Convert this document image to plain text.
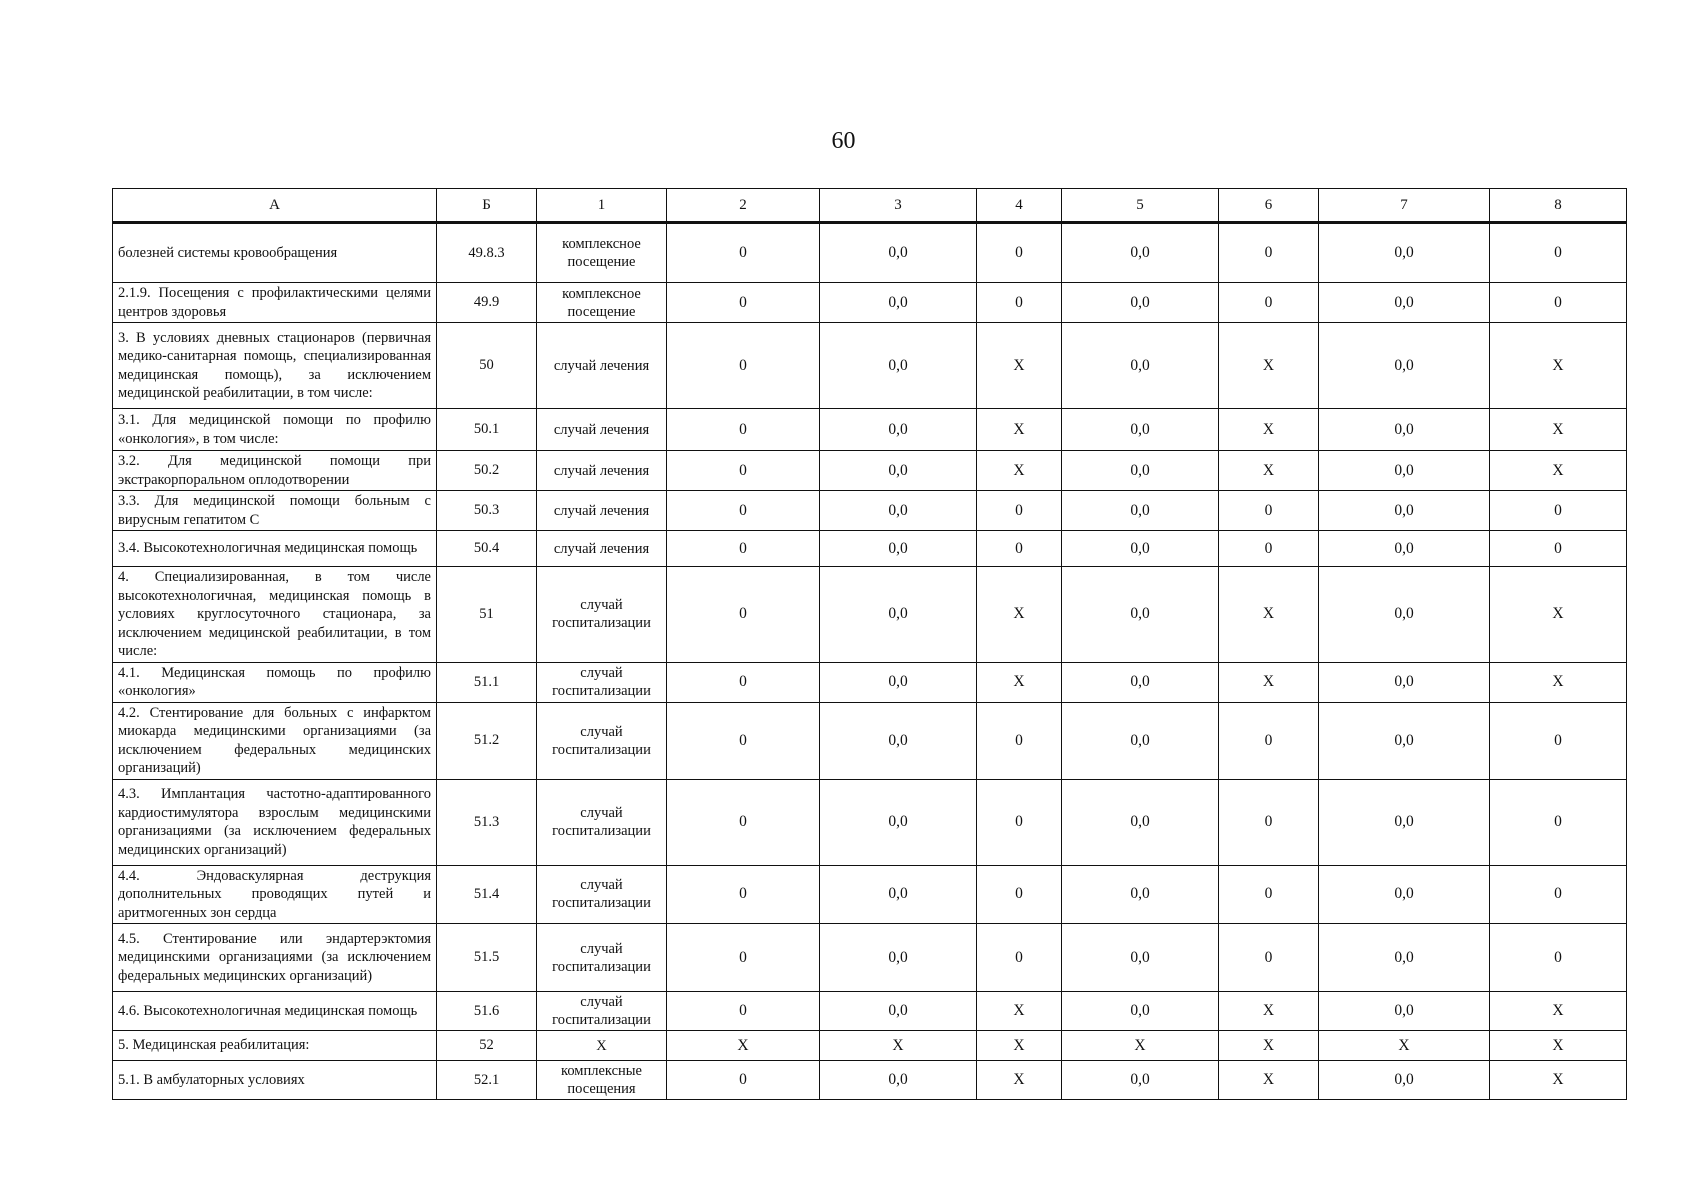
60
А	Б	1	2	3	4	5	6	7	8
болезней системы кровообращения	49.8.3	комплексное посещение	0	0,0	0	0,0	0	0,0	0
2.1.9. Посещения с профилактическими целями центров здоровья	49.9	комплексное посещение	0	0,0	0	0,0	0	0,0	0
3. В условиях дневных стационаров (первичная медико-санитарная помощь, специализированная медицинская помощь), за исключением медицинской реабилитации, в том числе:	50	случай лечения	0	0,0	X	0,0	X	0,0	X
3.1. Для медицинской помощи по профилю «онкология», в том числе:	50.1	случай лечения	0	0,0	X	0,0	X	0,0	X
3.2. Для медицинской помощи при экстракорпоральном оплодотворении	50.2	случай лечения	0	0,0	X	0,0	X	0,0	X
3.3. Для медицинской помощи больным с вирусным гепатитом С	50.3	случай лечения	0	0,0	0	0,0	0	0,0	0
3.4. Высокотехнологичная медицинская помощь	50.4	случай лечения	0	0,0	0	0,0	0	0,0	0
4. Специализированная, в том числе высокотехнологичная, медицинская помощь в условиях круглосуточного стационара, за исключением медицинской реабилитации, в том числе:	51	случай госпитализации	0	0,0	X	0,0	X	0,0	X
4.1. Медицинская помощь по профилю «онкология»	51.1	случай госпитализации	0	0,0	X	0,0	X	0,0	X
4.2. Стентирование для больных с инфарктом миокарда медицинскими организациями (за исключением федеральных медицинских организаций)	51.2	случай госпитализации	0	0,0	0	0,0	0	0,0	0
4.3. Имплантация частотно-адаптированного кардиостимулятора взрослым медицинскими организациями (за исключением федеральных медицинских организаций)	51.3	случай госпитализации	0	0,0	0	0,0	0	0,0	0
4.4. Эндоваскулярная деструкция дополнительных проводящих путей и аритмогенных зон сердца	51.4	случай госпитализации	0	0,0	0	0,0	0	0,0	0
4.5. Стентирование или эндартерэктомия медицинскими организациями (за исключением федеральных медицинских организаций)	51.5	случай госпитализации	0	0,0	0	0,0	0	0,0	0
4.6. Высокотехнологичная медицинская помощь	51.6	случай госпитализации	0	0,0	X	0,0	X	0,0	X
5. Медицинская реабилитация:	52	X	X	X	X	X	X	X	X
5.1. В амбулаторных условиях	52.1	комплексные посещения	0	0,0	X	0,0	X	0,0	X
